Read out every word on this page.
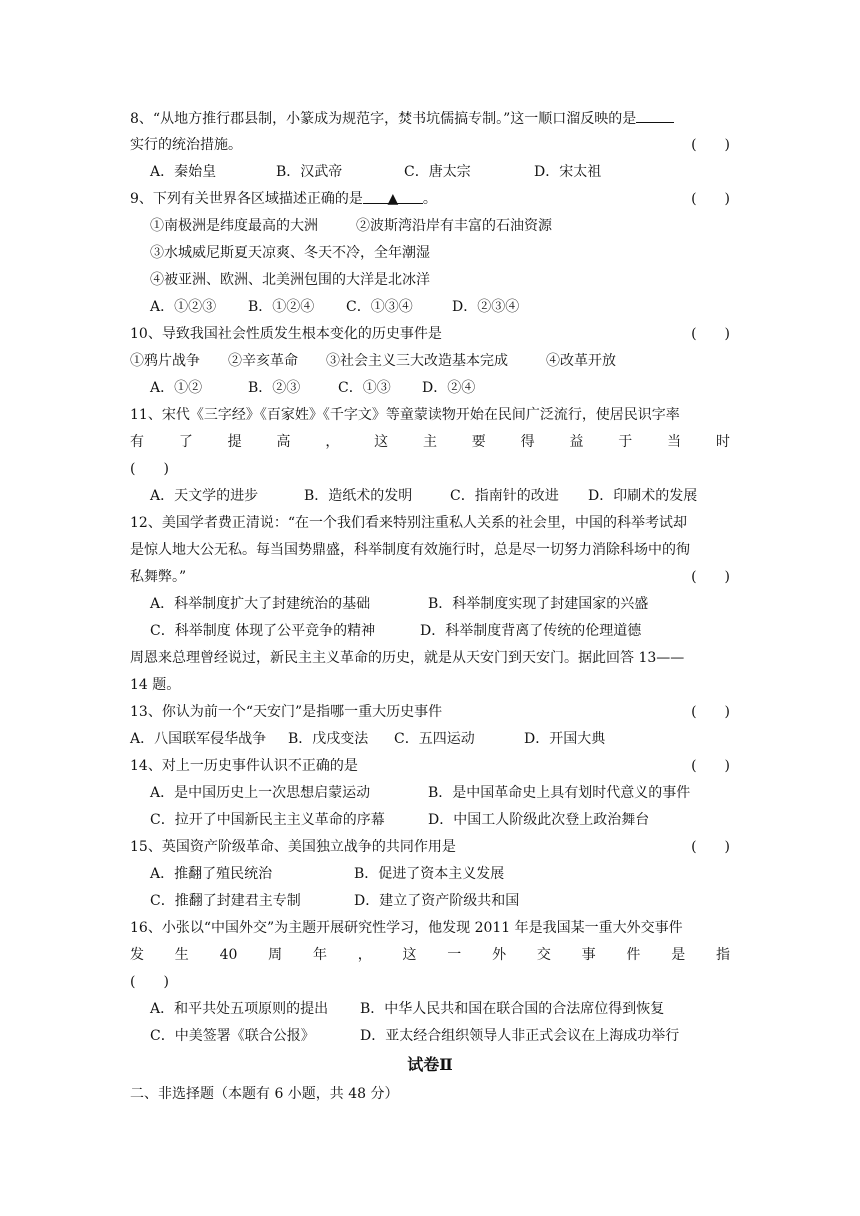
8、“从地方推行郡县制，小篆成为规范字，焚书坑儒搞专制。”这一顺口溜反映的是
实行的统治措施。	(　　)
A．秦始皇	B．汉武帝	C．唐太宗	D．宋太祖
9、下列有关世界各区域描述正确的是 ▲ 。	(　　)
①南极洲是纬度最高的大洲	②波斯湾沿岸有丰富的石油资源
③水城威尼斯夏天凉爽、冬天不冷，全年潮湿
④被亚洲、欧洲、北美洲包围的大洋是北冰洋
A．①②③ B．①②④ C．①③④	D．②③④
10、导致我国社会性质发生根本变化的历史事件是	(　　)
①鸦片战争 ②辛亥革命 ③社会主义三大改造基本完成	④改革开放
A．①②	B．②③	C．①③ D．②④
11、宋代《三字经》《百家姓》《千字文》等童蒙读物开始在民间广泛流行，使居民识字率
有 了 提 高 ， 这 主 要 得 益 于 当 时
(　　)
A．天文学的进步	B．造纸术的发明	C．指南针的改进 D．印刷术的发展
12、美国学者费正清说：“在一个我们看来特别注重私人关系的社会里，中国的科举考试却
是惊人地大公无私。每当国势鼎盛，科举制度有效施行时，总是尽一切努力消除科场中的徇
私舞弊。”	(　　)
A．科举制度扩大了封建统治的基础	B．科举制度实现了封建国家的兴盛
C．科举制度 体现了公平竞争的精神	D．科举制度背离了传统的伦理道德
周恩来总理曾经说过，新民主主义革命的历史，就是从天安门到天安门。据此回答 13——
14 题。
13、你认为前一个“天安门”是指哪一重大历史事件	(　　)
A．八国联军侵华战争 B．戊戌变法 C．五四运动	D．开国大典
14、对上一历史事件认识不正确的是	(　　)
A．是中国历史上一次思想启蒙运动	B．是中国革命史上具有划时代意义的事件
C．拉开了中国新民主主义革命的序幕	D．中国工人阶级此次登上政治舞台
15、英国资产阶级革命、美国独立战争的共同作用是	(　　)
A．推翻了殖民统治	B．促进了资本主义发展
C．推翻了封建君主专制	D．建立了资产阶级共和国
16、小张以“中国外交”为主题开展研究性学习，他发现 2011 年是我国某一重大外交事件
发 生 40 周 年 ， 这 一 外 交 事 件 是 指
(　　)
A．和平共处五项原则的提出 B．中华人民共和国在联合国的合法席位得到恢复
C．中美签署《联合公报》	D．亚太经合组织领导人非正式会议在上海成功举行
试卷Ⅱ
二、非选择题（本题有 6 小题，共 48 分）
